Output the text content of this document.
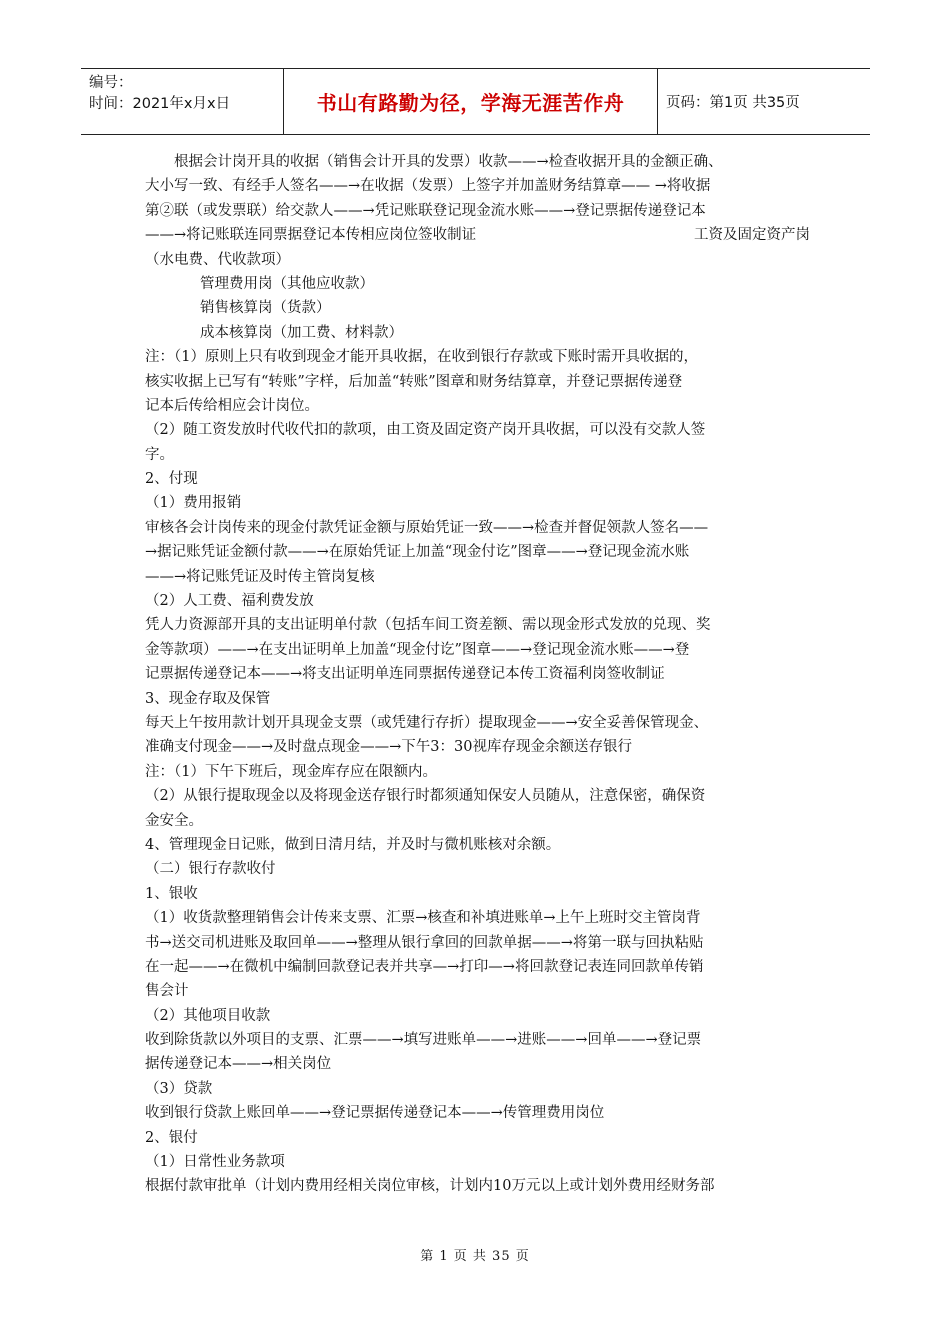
编号：
时间：2021年x月x日	书山有路勤为径，学海无涯苦作舟	页码：第1页 共35页
根据会计岗开具的收据（销售会计开具的发票）收款——→检查收据开具的金额正确、
大小写一致、有经手人签名——→在收据（发票）上签字并加盖财务结算章—— →将收据
第②联（或发票联）给交款人——→凭记账联登记现金流水账——→登记票据传递登记本
——→将记账联连同票据登记本传相应岗位签收制证	工资及固定资产岗
（水电费、代收款项）
管理费用岗（其他应收款）
销售核算岗（货款）
成本核算岗（加工费、材料款）
注：（1）原则上只有收到现金才能开具收据，在收到银行存款或下账时需开具收据的，
核实收据上已写有“转账”字样，后加盖“转账”图章和财务结算章，并登记票据传递登
记本后传给相应会计岗位。
（2）随工资发放时代收代扣的款项，由工资及固定资产岗开具收据，可以没有交款人签
字。
2、付现
（1）费用报销
审核各会计岗传来的现金付款凭证金额与原始凭证一致——→检查并督促领款人签名——
→据记账凭证金额付款——→在原始凭证上加盖“现金付讫”图章——→登记现金流水账
——→将记账凭证及时传主管岗复核
（2）人工费、福利费发放
凭人力资源部开具的支出证明单付款（包括车间工资差额、需以现金形式发放的兑现、奖
金等款项）——→在支出证明单上加盖“现金付讫”图章——→登记现金流水账——→登
记票据传递登记本——→将支出证明单连同票据传递登记本传工资福利岗签收制证
3、现金存取及保管
每天上午按用款计划开具现金支票（或凭建行存折）提取现金——→安全妥善保管现金、
准确支付现金——→及时盘点现金——→下午3：30视库存现金余额送存银行
注：（1）下午下班后，现金库存应在限额内。
（2）从银行提取现金以及将现金送存银行时都须通知保安人员随从，注意保密，确保资
金安全。
4、管理现金日记账，做到日清月结，并及时与微机账核对余额。
（二）银行存款收付
1、银收
（1）收货款整理销售会计传来支票、汇票→核查和补填进账单→上午上班时交主管岗背
书→送交司机进账及取回单——→整理从银行拿回的回款单据——→将第一联与回执粘贴
在一起——→在微机中编制回款登记表并共享—→打印—→将回款登记表连同回款单传销
售会计
（2）其他项目收款
收到除货款以外项目的支票、汇票——→填写进账单——→进账——→回单——→登记票
据传递登记本——→相关岗位
（3）贷款
收到银行贷款上账回单——→登记票据传递登记本——→传管理费用岗位
2、银付
（1）日常性业务款项
根据付款审批单（计划内费用经相关岗位审核，计划内10万元以上或计划外费用经财务部
第 1 页 共 35 页
